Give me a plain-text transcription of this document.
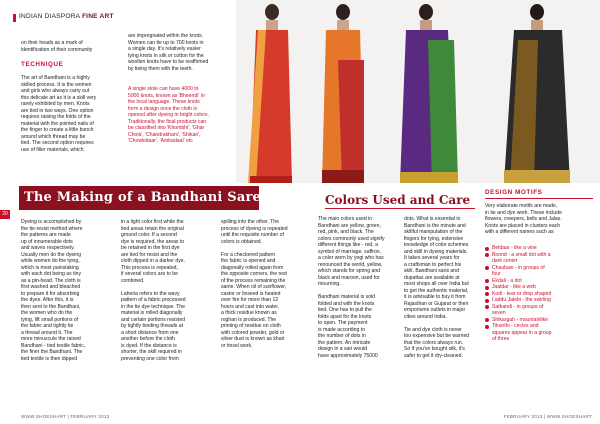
INDIAN DIASPORA FINE ART
on their heads as a mark of
identification of their community
TECHNIQUE
The art of Bandhani is a highly
skilled process. It is the women
and girls who always carry out
this delicate art as it is a skill very
rarely exhibited by men. Knots
are tied in two ways. One option
requires raising the folds of the
material with the pointed nails of
the finger to create a little bunch
around which thread may be
tied. The second option requires
use of filler materials, which
are impregnated within the knots.
Women can tie up to 700 knots in
a single day. It's relatively easier
tying knots in silk or cotton for the
woollen knots have to be reaffirmed
by tieing them with the teeth.
A single stole can have 4000 to
5000 knots, known as 'Bheendi' in
the local language. These knots
form a design once the cloth is
opened after dyeing in bright colors.
Traditionally, the final products can
be classified into 'Khombhi', 'Ghar
Chola', 'Chandrakhani', 'Shikari',
'Chowkidaar', 'Ambadaal' etc
The Making of a Bandhani Saree
20
Dyeing is accomplished by
the tie-resist method where
the patterns are made
up of innumerable dots
and waves respectively.
Usually men do the dyeing
while women do the tying,
which is most painstaking
with each dot being as tiny
as a pin-head. The cloth is
first washed and bleached
to prepare it for absorbing
the dyes. After this, it is
then sent to the Bandhani,
the women who do the
tying, lift small portions of
the fabric and tightly tie
a thread around it. The
more minuscule the raised
Bandhani - tied textile fabric,
the finer the Bandhani. The
tied textile is then dipped
in a light color first while the
tied areas retain the original
ground color. If a second
dye is required, the areas to
be retained in the first dye
are tied for resist and the
cloth dipped in a darker dye.
This process is repeated,
if several colors are to be
combined.

Laheria refers to the wavy
pattern of a fabric processed
in the tie dye technique. The
material is rolled diagonally
and certain portions resisted
by tightly binding threads at
a short distance from one
another before the cloth
is dyed. If the distance is
shorter, the skill required in
preventing one color from
spilling into the other. The
process of dyeing is repeated
until the requisite number of
colors is obtained.

For a checkered pattern
the fabric is opened and
diagonally rolled again from
the opposite corners, the rest
of the process remaining the
same. When oil of sunflower,
castor or linseed is heated
over fire for more than 12
hours and cast into water,
a thick residue known as
roghan is produced. The
printing of residue on cloth
with colored powder, gold or
silver dust is known as khari
or tinsel work.
Colors Used and Care
The main colors used in
Bandhani are yellow, green,
red, pink, and black. The
colors commonly used signify
different things like - red, a
symbol of marriage, saffron,
a color worn by yogi who has
renounced the world, yellow,
which stands for spring and
black and maroon, used for
mourning.

Bandhani material is sold
folded and with the knots
tied. One has to pull the
folds apart for the knots
to open. The payment
is made according to
the number of dots in
the pattern. An intricate
design in a sari would
have approximately 75000
dots. What is essential in
Bandhani is the minute and
skillful manipulation of the
fingers for tying, extensive
knowledge of color schemes
and skill in dyeing materials.
It takes several years for
a craftsman to perfect his
skill. Bandhani saris and
dupattas are available at
most shops all over India but
to get the authentic material,
it is advisable to buy it from
Rajasthan or Gujarat or their
emporiums outlets in major
cities around India.

Tie and dye cloth is never
too expensive but be warned
that the colors always run.
So if you've bought silk, it's
safer to get it dry-cleaned.
DESIGN MOTIFS
Very elaborate motifs are made,
in tie and dye work. These include
flowers, creepers, bells and Jalas.
Knots are placed in clusters each
with a different names such as
Beldaar - like a vine
Boond - a small dot with a
dark center
Chaubasi - in groups of
four
Ekdali - a dot
Jaaldar - like a web
Kodi - tear or drop shaped
Laddu Jalebi - the swirling
Satbandi - in groups of
seven
Shikargah - mountainlike
Tikunthi - circles and
squares appear in a group
of three
WWW.SHOESHART | FEBRUARY 2013	FEBRUARY 2013 | WWW.SHOESHART
